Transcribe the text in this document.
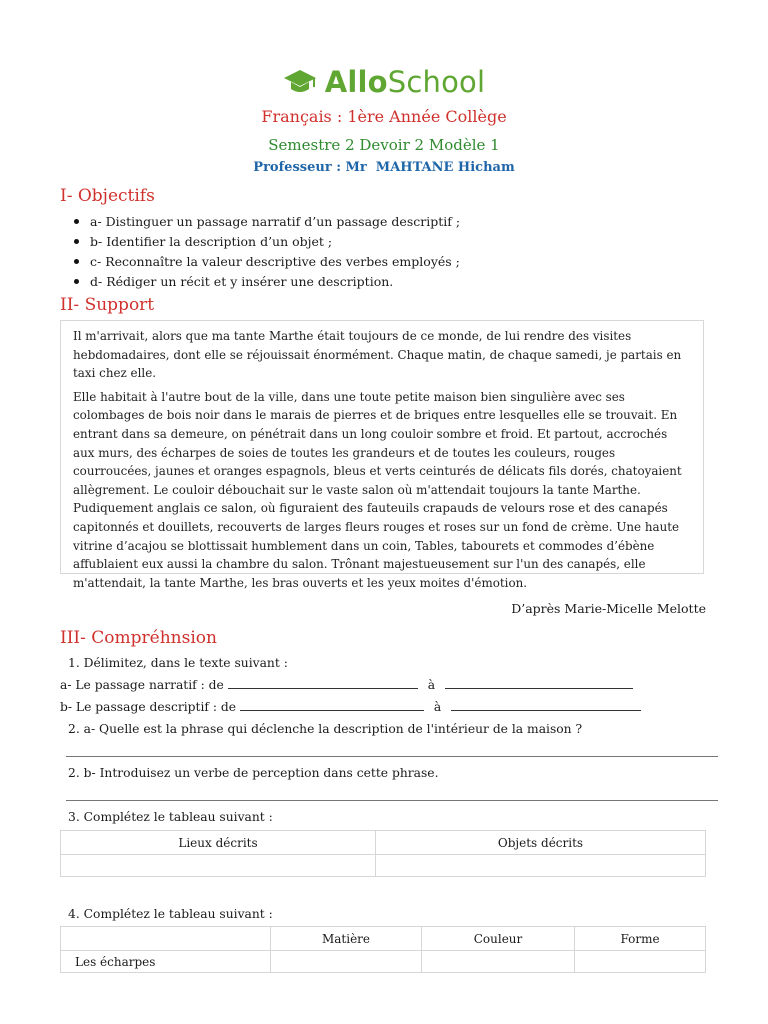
AlloSchool
Français : 1ère Année Collège
Semestre 2 Devoir 2 Modèle 1
Professeur : Mr  MAHTANE Hicham
I- Objectifs
a- Distinguer un passage narratif d’un passage descriptif ;
b- Identifier la description d’un objet ;
c- Reconnaître la valeur descriptive des verbes employés ;
d- Rédiger un récit et y insérer une description.
II- Support

Il m'arrivait, alors que ma tante Marthe était toujours de ce monde, de lui rendre des visites hebdomadaires, dont elle se réjouissait énormément. Chaque matin, de chaque samedi, je partais en taxi chez elle.

Elle habitait à l'autre bout de la ville, dans une toute petite maison bien singulière avec ses colombages de bois noir dans le marais de pierres et de briques entre lesquelles elle se trouvait. En entrant dans sa demeure, on pénétrait dans un long couloir sombre et froid. Et partout, accrochés aux murs, des écharpes de soies de toutes les grandeurs et de toutes les couleurs, rouges courroucées, jaunes et oranges espagnols, bleus et verts ceinturés de délicats fils dorés, chatoyaient allègrement. Le couloir débouchait sur le vaste salon où m'attendait toujours la tante Marthe. Pudiquement anglais ce salon, où figuraient des fauteuils crapauds de velours rose et des canapés capitonnés et douillets, recouverts de larges fleurs rouges et roses sur un fond de crème. Une haute vitrine d’acajou se blottissait humblement dans un coin, Tables, tabourets et commodes d’ébène affublaient eux aussi la chambre du salon. Trônant majestueusement sur l'un des canapés, elle m'attendait, la tante Marthe, les bras ouverts et les yeux moites d'émotion.

D’après Marie-Micelle Melotte
III- Compréhnsion
1. Délimitez, dans le texte suivant :
a- Le passage narratif : de	à
b- Le passage descriptif : de	à
2. a- Quelle est la phrase qui déclenche la description de l'intérieur de la maison ?
2. b- Introduisez un verbe de perception dans cette phrase.
3. Complétez le tableau suivant :
Lieux décrits	Objets décrits

4. Complétez le tableau suivant :
	Matière	Couleur	Forme
Les écharpes			
